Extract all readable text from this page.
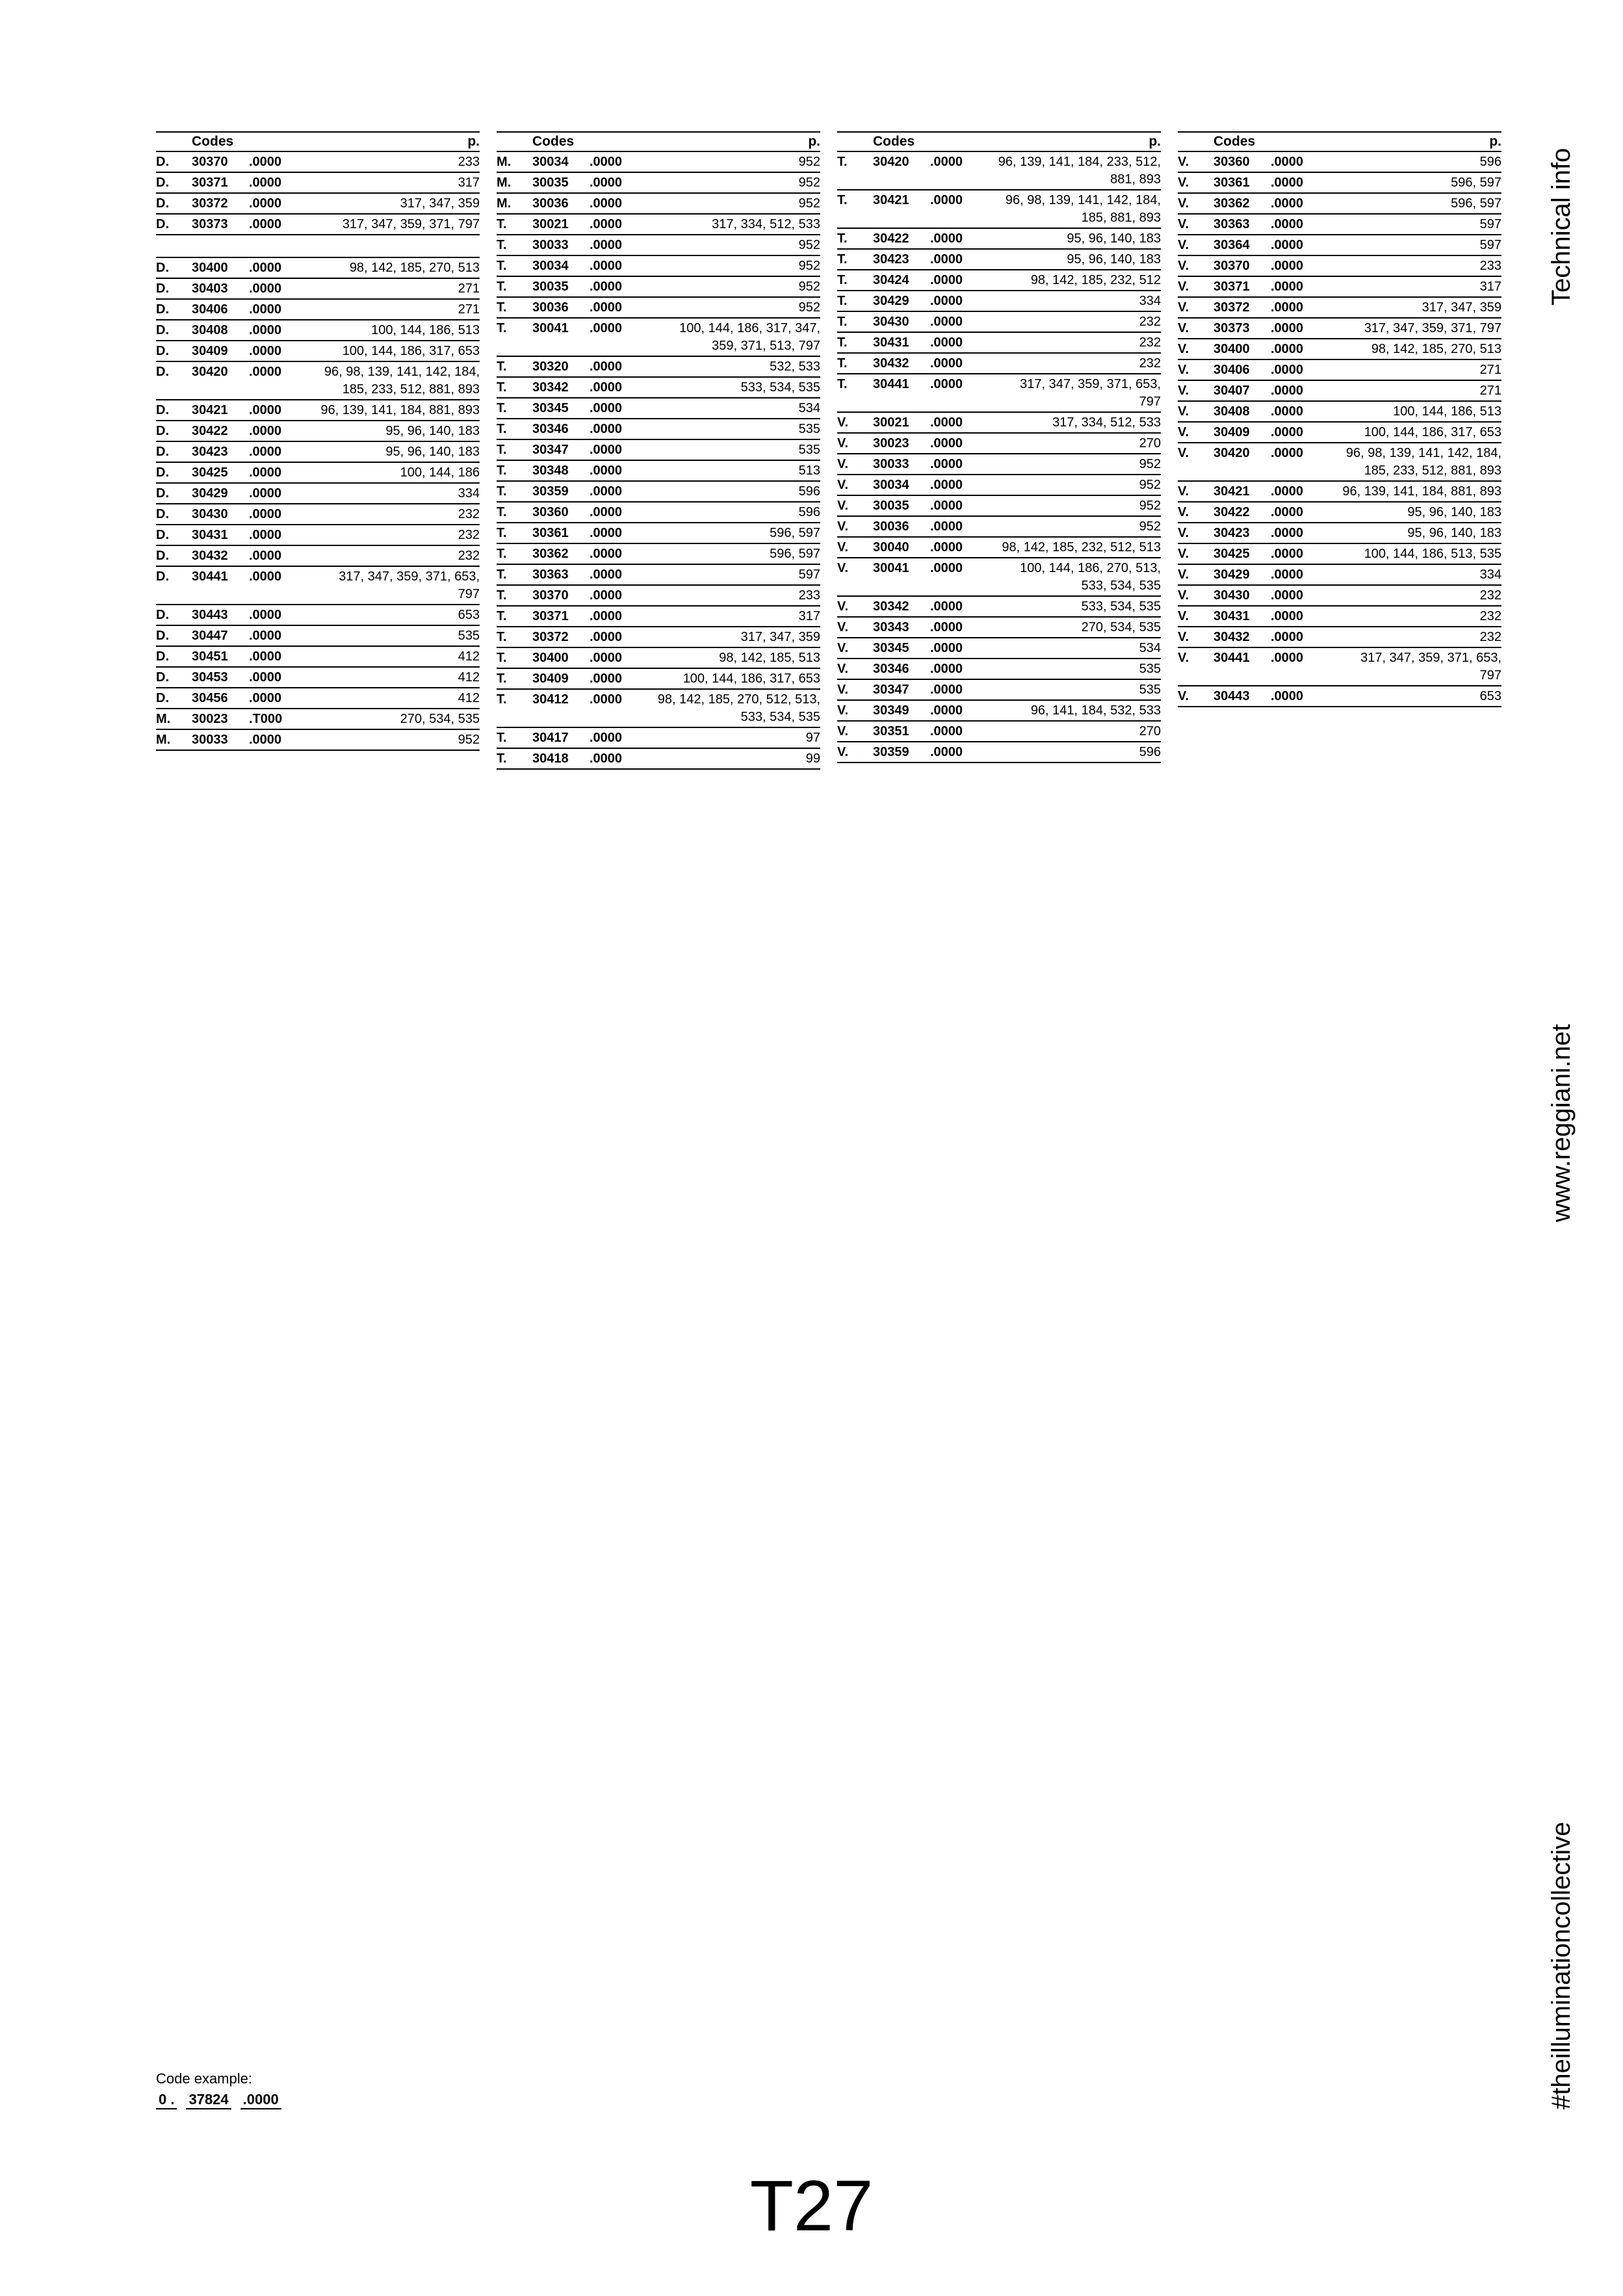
Codes	p.
D.	30370	.0000	233
D.	30371	.0000	317
D.	30372	.0000	317, 347, 359
D.	30373	.0000	317, 347, 359, 371, 797
D.	30400	.0000	98, 142, 185, 270, 513
D.	30403	.0000	271
D.	30406	.0000	271
D.	30408	.0000	100, 144, 186, 513
D.	30409	.0000	100, 144, 186, 317, 653
D.	30420	.0000	96, 98, 139, 141, 142, 184, 185, 233, 512, 881, 893
D.	30421	.0000	96, 139, 141, 184, 881, 893
D.	30422	.0000	95, 96, 140, 183
D.	30423	.0000	95, 96, 140, 183
D.	30425	.0000	100, 144, 186
D.	30429	.0000	334
D.	30430	.0000	232
D.	30431	.0000	232
D.	30432	.0000	232
D.	30441	.0000	317, 347, 359, 371, 653, 797
D.	30443	.0000	653
D.	30447	.0000	535
D.	30451	.0000	412
D.	30453	.0000	412
D.	30456	.0000	412
M.	30023	.T000	270, 534, 535
M.	30033	.0000	952
Codes	p.
M.	30034	.0000	952
M.	30035	.0000	952
M.	30036	.0000	952
T.	30021	.0000	317, 334, 512, 533
T.	30033	.0000	952
T.	30034	.0000	952
T.	30035	.0000	952
T.	30036	.0000	952
T.	30041	.0000	100, 144, 186, 317, 347, 359, 371, 513, 797
T.	30320	.0000	532, 533
T.	30342	.0000	533, 534, 535
T.	30345	.0000	534
T.	30346	.0000	535
T.	30347	.0000	535
T.	30348	.0000	513
T.	30359	.0000	596
T.	30360	.0000	596
T.	30361	.0000	596, 597
T.	30362	.0000	596, 597
T.	30363	.0000	597
T.	30370	.0000	233
T.	30371	.0000	317
T.	30372	.0000	317, 347, 359
T.	30400	.0000	98, 142, 185, 513
T.	30409	.0000	100, 144, 186, 317, 653
T.	30412	.0000	98, 142, 185, 270, 512, 513, 533, 534, 535
T.	30417	.0000	97
T.	30418	.0000	99
Codes	p.
T.	30420	.0000	96, 139, 141, 184, 233, 512, 881, 893
T.	30421	.0000	96, 98, 139, 141, 142, 184, 185, 881, 893
T.	30422	.0000	95, 96, 140, 183
T.	30423	.0000	95, 96, 140, 183
T.	30424	.0000	98, 142, 185, 232, 512
T.	30429	.0000	334
T.	30430	.0000	232
T.	30431	.0000	232
T.	30432	.0000	232
T.	30441	.0000	317, 347, 359, 371, 653, 797
V.	30021	.0000	317, 334, 512, 533
V.	30023	.0000	270
V.	30033	.0000	952
V.	30034	.0000	952
V.	30035	.0000	952
V.	30036	.0000	952
V.	30040	.0000	98, 142, 185, 232, 512, 513
V.	30041	.0000	100, 144, 186, 270, 513, 533, 534, 535
V.	30342	.0000	533, 534, 535
V.	30343	.0000	270, 534, 535
V.	30345	.0000	534
V.	30346	.0000	535
V.	30347	.0000	535
V.	30349	.0000	96, 141, 184, 532, 533
V.	30351	.0000	270
V.	30359	.0000	596
Codes	p.
V.	30360	.0000	596
V.	30361	.0000	596, 597
V.	30362	.0000	596, 597
V.	30363	.0000	597
V.	30364	.0000	597
V.	30370	.0000	233
V.	30371	.0000	317
V.	30372	.0000	317, 347, 359
V.	30373	.0000	317, 347, 359, 371, 797
V.	30400	.0000	98, 142, 185, 270, 513
V.	30406	.0000	271
V.	30407	.0000	271
V.	30408	.0000	100, 144, 186, 513
V.	30409	.0000	100, 144, 186, 317, 653
V.	30420	.0000	96, 98, 139, 141, 142, 184, 185, 233, 512, 881, 893
V.	30421	.0000	96, 139, 141, 184, 881, 893
V.	30422	.0000	95, 96, 140, 183
V.	30423	.0000	95, 96, 140, 183
V.	30425	.0000	100, 144, 186, 513, 535
V.	30429	.0000	334
V.	30430	.0000	232
V.	30431	.0000	232
V.	30432	.0000	232
V.	30441	.0000	317, 347, 359, 371, 653, 797
V.	30443	.0000	653
Technical info
www.reggiani.net
#theilluminationcollective
Code example:
0 . 37824 .0000
T27
